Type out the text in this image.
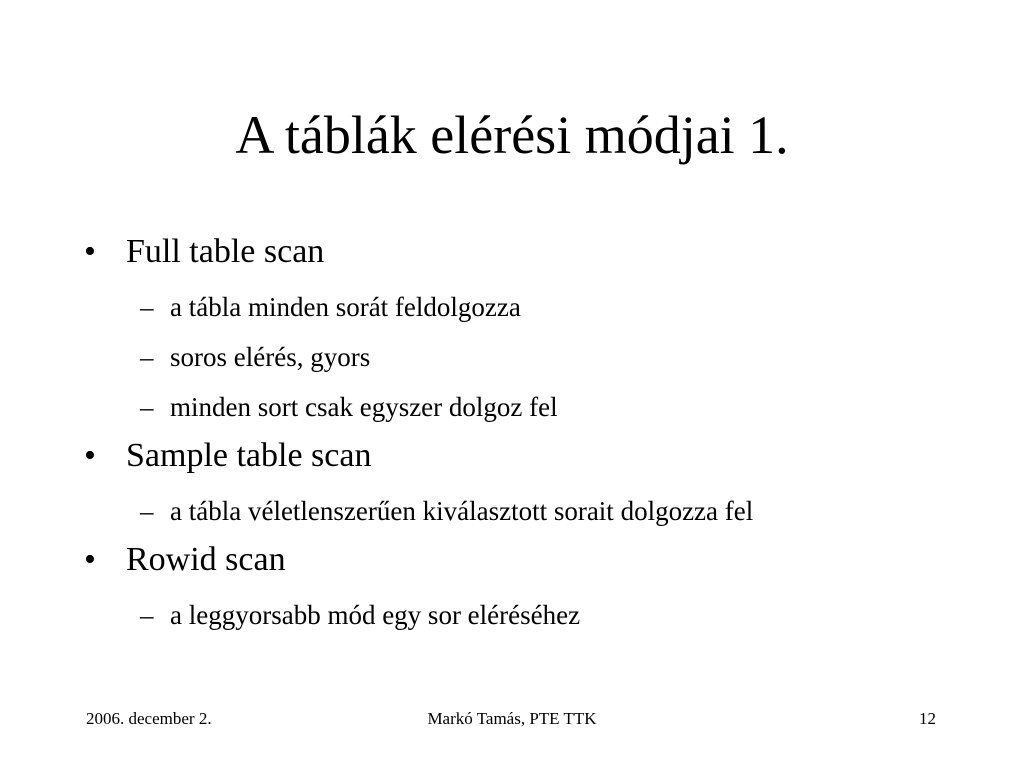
A táblák elérési módjai 1.
• Full table scan
– a tábla minden sorát feldolgozza
– soros elérés, gyors
– minden sort csak egyszer dolgoz fel
• Sample table scan
– a tábla véletlenszerűen kiválasztott sorait dolgozza fel
• Rowid scan
– a leggyorsabb mód egy sor eléréséhez
2006. december 2.	Markó Tamás, PTE TTK	12
